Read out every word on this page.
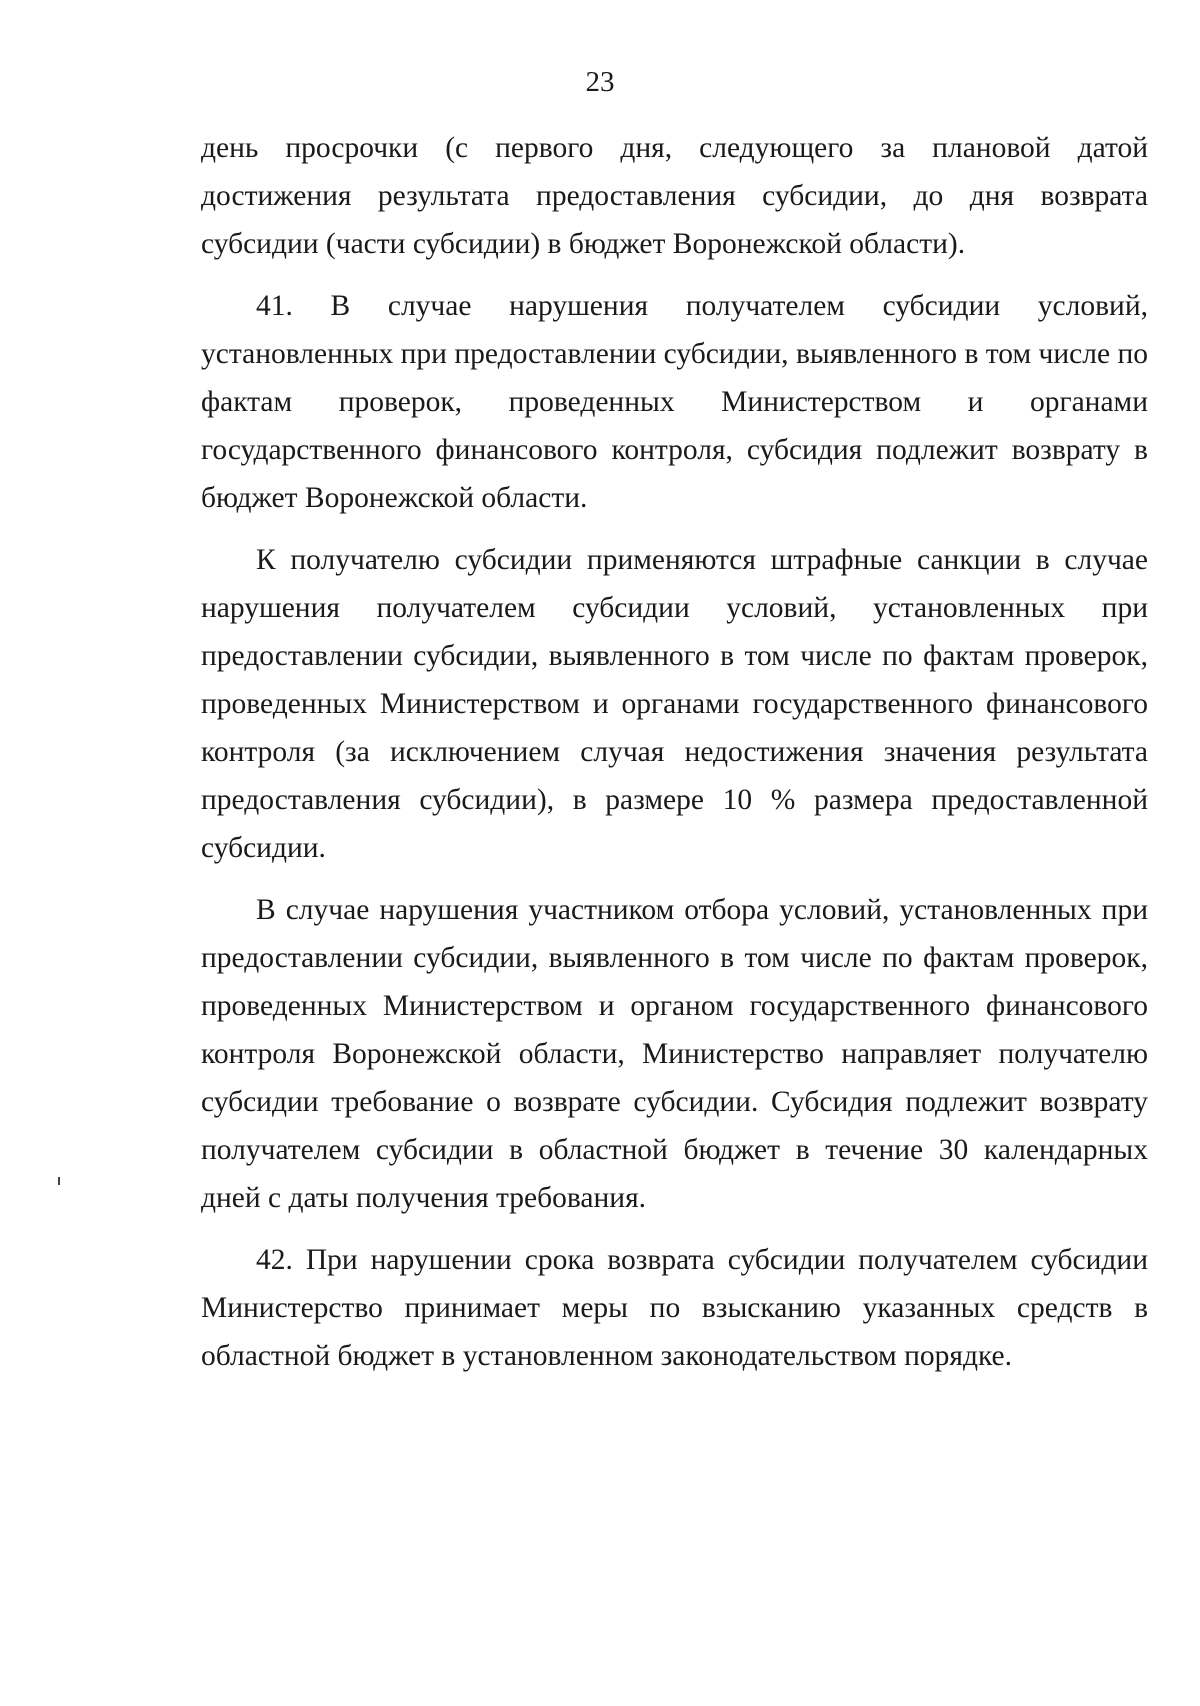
23

день просрочки (с первого дня, следующего за плановой датой достижения результата предоставления субсидии, до дня возврата субсидии (части субсидии) в бюджет Воронежской области).

41. В случае нарушения получателем субсидии условий, установленных при предоставлении субсидии, выявленного в том числе по фактам проверок, проведенных Министерством и органами государственного финансового контроля, субсидия подлежит возврату в бюджет Воронежской области.

К получателю субсидии применяются штрафные санкции в случае нарушения получателем субсидии условий, установленных при предоставлении субсидии, выявленного в том числе по фактам проверок, проведенных Министерством и органами государственного финансового контроля (за исключением случая недостижения значения результата предоставления субсидии), в размере 10 % размера предоставленной субсидии.

В случае нарушения участником отбора условий, установленных при предоставлении субсидии, выявленного в том числе по фактам проверок, проведенных Министерством и органом государственного финансового контроля Воронежской области, Министерство направляет получателю субсидии требование о возврате субсидии. Субсидия подлежит возврату получателем субсидии в областной бюджет в течение 30 календарных дней с даты получения требования.

42. При нарушении срока возврата субсидии получателем субсидии Министерство принимает меры по взысканию указанных средств в областной бюджет в установленном законодательством порядке.
